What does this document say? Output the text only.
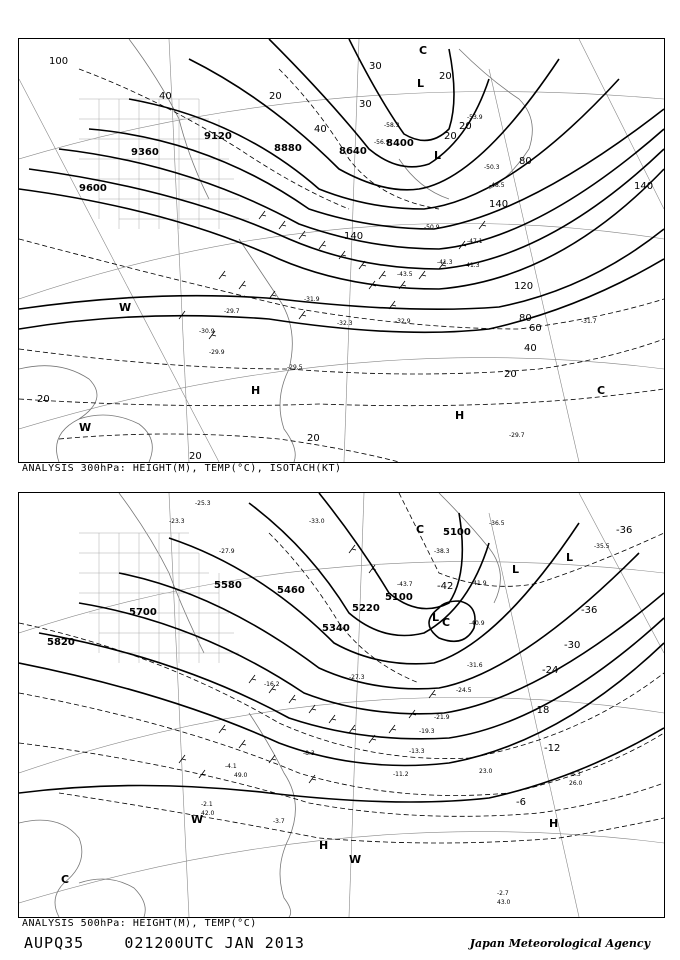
9600
9360
9120
8880	8640
8400
100
40	20
40
30
20
30
20
20
80
140
140
140
120
80
60
40
20
20
20
20
-29.9
-30.9
-29.7
-31.9
-32.3	-32.9	-31.7
-29.5
-29.7
-41.3
-43.5
-41.3
-47.1
-48.5
-58.3
-56.9
-53.9
-50.9
-50.3
L
L
C
W
W
H
H
C
ANALYSIS 300hPa: HEIGHT(M), TEMP(°C), ISOTACH(KT)
5820
5700
5580	5460
5340
5220
5100
5100
-42
-36
-30
-24
-18
-12
-6
-36
-2.1
-3.7
-4.1
-6.3
-8.3
-11.2
-13.3
-16.2
-19.3
-21.9
-24.5
-27.3
-31.6
-40.9
-41.9
-43.7
-38.3
-36.5
-35.5
-33.0
-27.9
-25.3
-23.3
-2.7
43.0
49.0
42.0
26.0
23.0
L C
L
C
L
H
H
W
W
C
ANALYSIS 500hPa: HEIGHT(M), TEMP(°C)
AUPQ35	021200UTC JAN 2013	Japan Meteorological Agency
